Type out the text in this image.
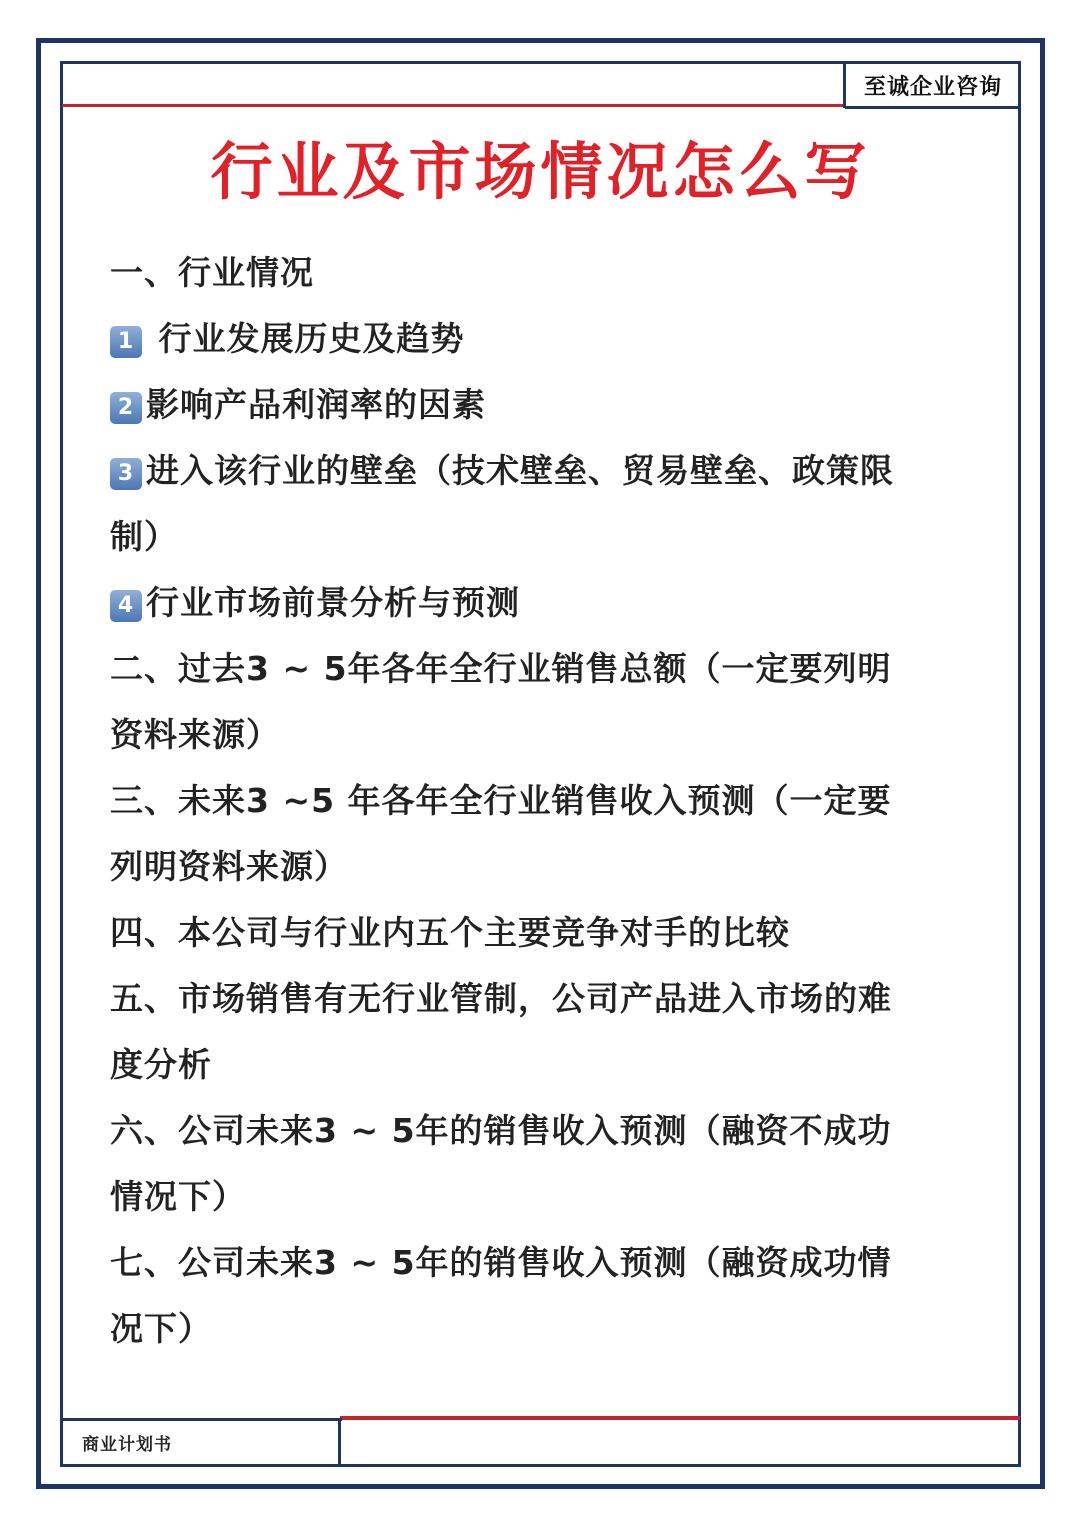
至诚企业咨询
行业及市场情况怎么写
一、行业情况
1 行业发展历史及趋势
2 影响产品利润率的因素
3 进入该行业的壁垒（技术壁垒、贸易壁垒、政策限
制）
4 行业市场前景分析与预测
二、过去3 ~ 5年各年全行业销售总额（一定要列明
资料来源）
三、未来3 ~5 年各年全行业销售收入预测（一定要
列明资料来源）
四、本公司与行业内五个主要竞争对手的比较
五、市场销售有无行业管制，公司产品进入市场的难
度分析
六、公司未来3 ~ 5年的销售收入预测（融资不成功
情况下）
七、公司未来3 ~ 5年的销售收入预测（融资成功情
况下）
商业计划书
